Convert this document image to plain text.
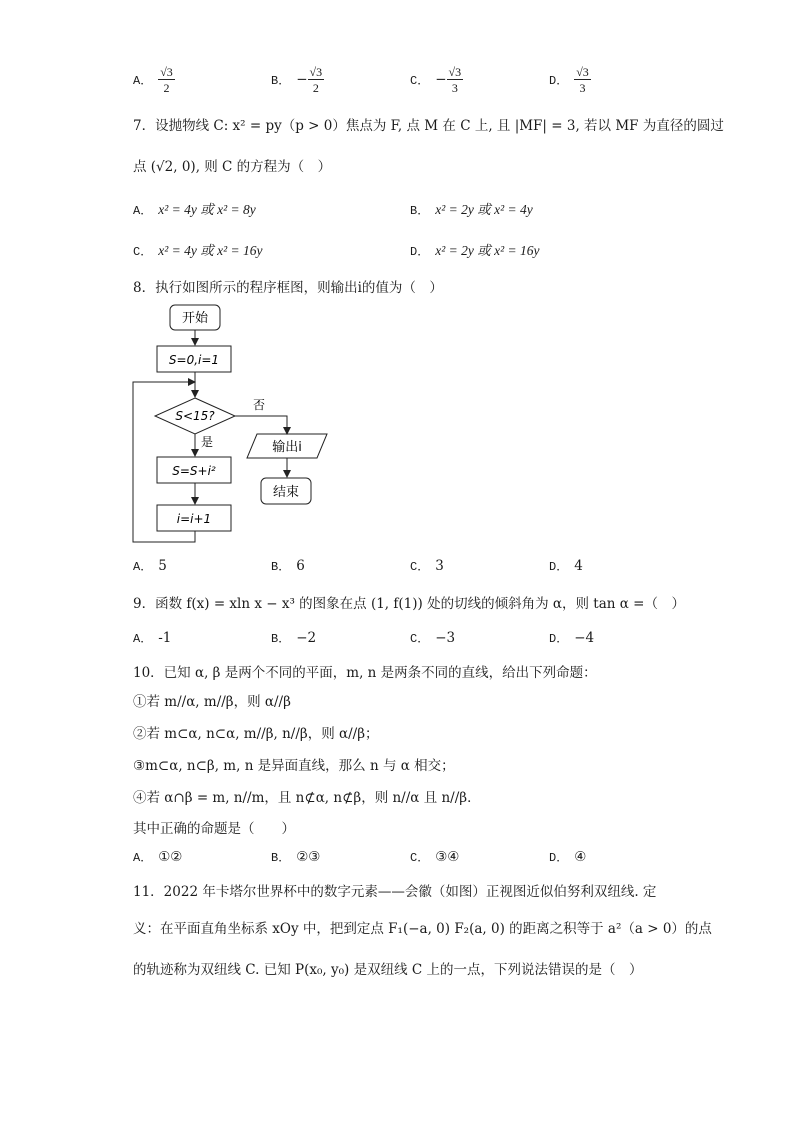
A． $\frac{√3}{2}$	B． − $\frac{√3}{2}$	C． − $\frac{√3}{3}$	D． $\frac{√3}{3}$
7．设抛物线 C: x² = py（p > 0）焦点为 F, 点 M 在 C 上, 且 |MF| = 3, 若以 MF 为直径的圆过
点 (√2, 0), 则 C 的方程为（　）
A． x² = 4y 或 x² = 8y	B． x² = 2y 或 x² = 4y
C． x² = 4y 或 x² = 16y	D． x² = 2y 或 x² = 16y
8．执行如图所示的程序框图，则输出i的值为（　）
开始
S=0,i=1
S<15?
否
输出i
结束
是
S=S+i²
i=i+1
A． 5	B． 6	C． 3	D． 4
9．函数 f(x) = xln x − x³ 的图象在点 (1, f(1)) 处的切线的倾斜角为 α，则 tan α =（　）
A． -1	B． −2	C． −3	D． −4
10．已知 α, β 是两个不同的平面，m, n 是两条不同的直线，给出下列命题：
①若 m//α, m//β，则 α//β
②若 m⊂α, n⊂α, m//β, n//β，则 α//β；
③m⊂α, n⊂β, m, n 是异面直线，那么 n 与 α 相交；
④若 α∩β = m, n//m，且 n⊄α, n⊄β，则 n//α 且 n//β．
其中正确的命题是（　　）
A． ①②	B． ②③	C． ③④	D． ④
11．2022 年卡塔尔世界杯中的数字元素——会徽（如图）正视图近似伯努利双纽线. 定
义：在平面直角坐标系 xOy 中，把到定点 F₁(−a, 0) F₂(a, 0) 的距离之积等于 a²（a > 0）的点
的轨迹称为双纽线 C. 已知 P(x₀, y₀) 是双纽线 C 上的一点，下列说法错误的是（　）
